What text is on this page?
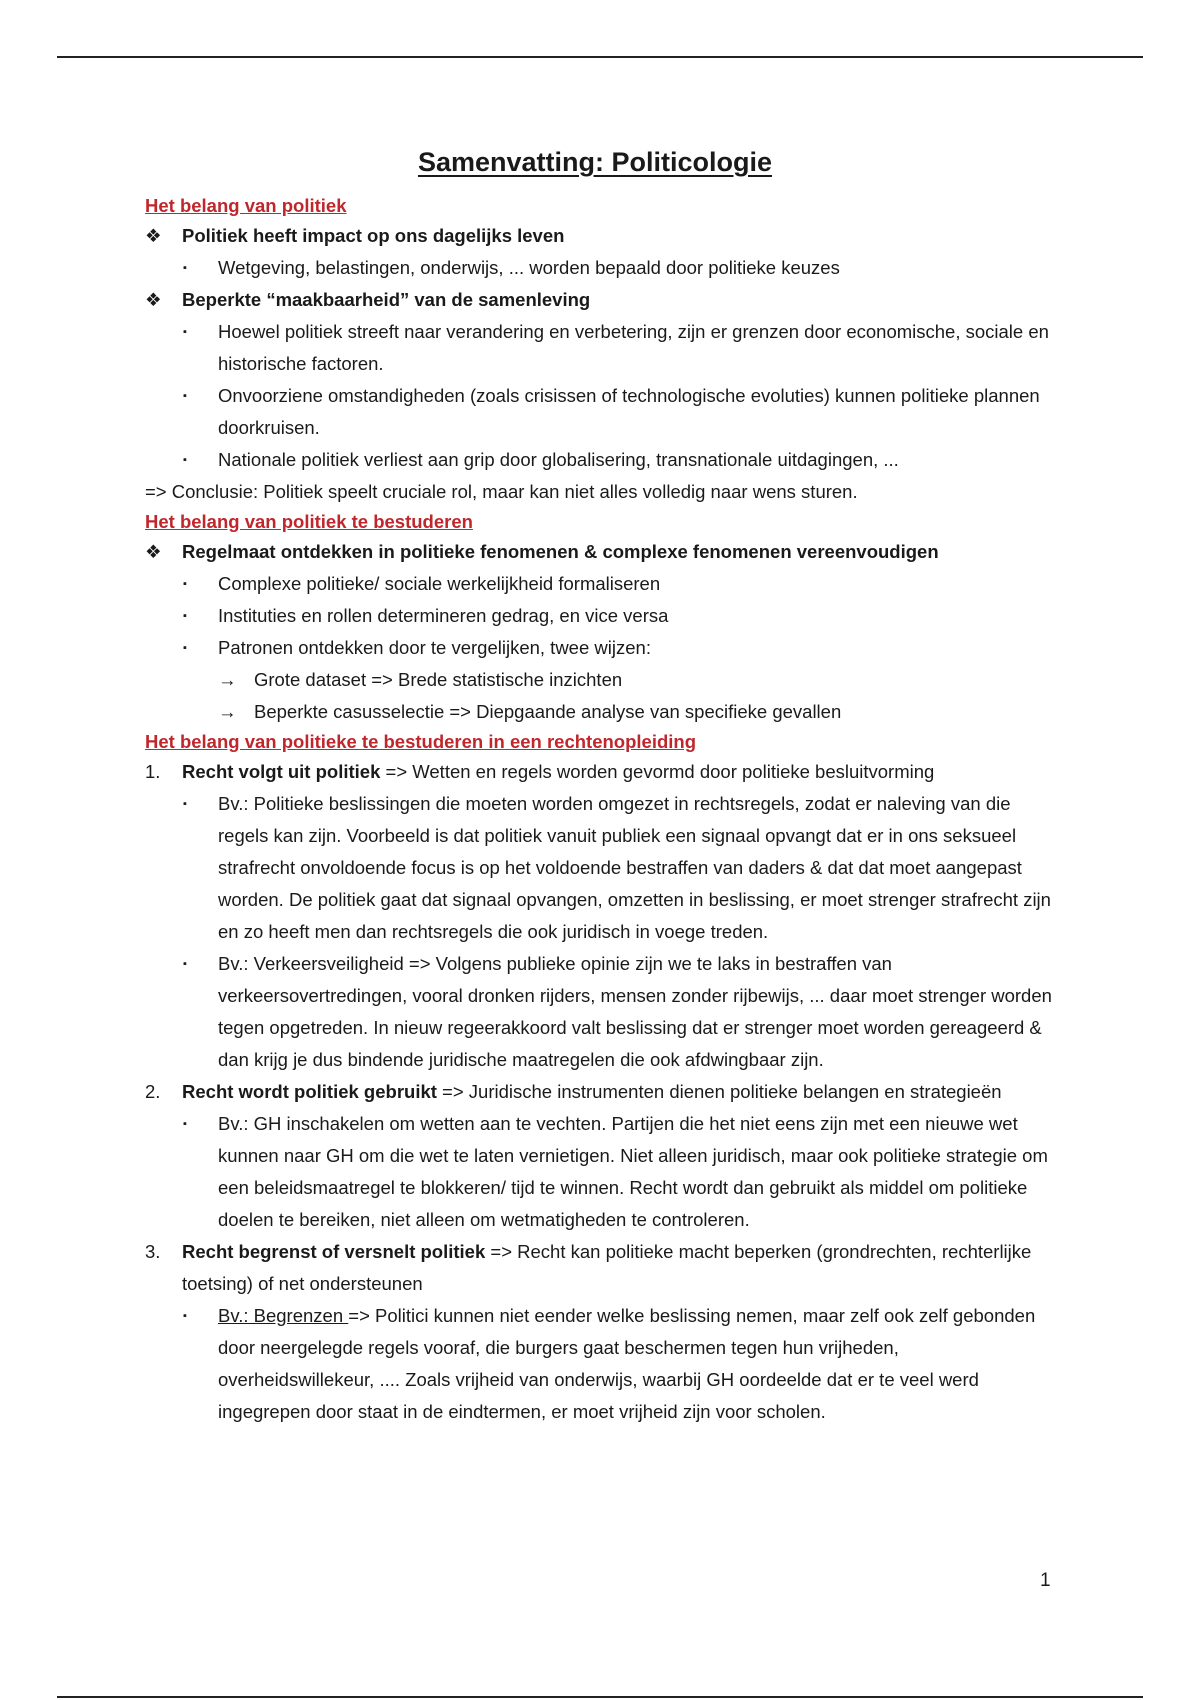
Samenvatting: Politicologie
Het belang van politiek
❖ Politiek heeft impact op ons dagelijks leven
▪ Wetgeving, belastingen, onderwijs, ... worden bepaald door politieke keuzes
❖ Beperkte “maakbaarheid” van de samenleving
▪ Hoewel politiek streeft naar verandering en verbetering, zijn er grenzen door economische, sociale en historische factoren.
▪ Onvoorziene omstandigheden (zoals crisissen of technologische evoluties) kunnen politieke plannen doorkruisen.
▪ Nationale politiek verliest aan grip door globalisering, transnationale uitdagingen, ...
=> Conclusie: Politiek speelt cruciale rol, maar kan niet alles volledig naar wens sturen.
Het belang van politiek te bestuderen
❖ Regelmaat ontdekken in politieke fenomenen & complexe fenomenen vereenvoudigen
▪ Complexe politieke/ sociale werkelijkheid formaliseren
▪ Instituties en rollen determineren gedrag, en vice versa
▪ Patronen ontdekken door te vergelijken, twee wijzen:
→ Grote dataset => Brede statistische inzichten
→ Beperkte casusselectie => Diepgaande analyse van specifieke gevallen
Het belang van politieke te bestuderen in een rechtenopleiding
1. Recht volgt uit politiek => Wetten en regels worden gevormd door politieke besluitvorming
▪ Bv.: Politieke beslissingen die moeten worden omgezet in rechtsregels, zodat er naleving van die regels kan zijn. Voorbeeld is dat politiek vanuit publiek een signaal opvangt dat er in ons seksueel strafrecht onvoldoende focus is op het voldoende bestraffen van daders & dat dat moet aangepast worden. De politiek gaat dat signaal opvangen, omzetten in beslissing, er moet strenger strafrecht zijn en zo heeft men dan rechtsregels die ook juridisch in voege treden.
▪ Bv.: Verkeersveiligheid => Volgens publieke opinie zijn we te laks in bestraffen van verkeersovertredingen, vooral dronken rijders, mensen zonder rijbewijs, ... daar moet strenger worden tegen opgetreden. In nieuw regeerakkoord valt beslissing dat er strenger moet worden gereageerd & dan krijg je dus bindende juridische maatregelen die ook afdwingbaar zijn.
2. Recht wordt politiek gebruikt => Juridische instrumenten dienen politieke belangen en strategieën
▪ Bv.: GH inschakelen om wetten aan te vechten. Partijen die het niet eens zijn met een nieuwe wet kunnen naar GH om die wet te laten vernietigen. Niet alleen juridisch, maar ook politieke strategie om een beleidsmaatregel te blokkeren/ tijd te winnen. Recht wordt dan gebruikt als middel om politieke doelen te bereiken, niet alleen om wetmatigheden te controleren.
3. Recht begrenst of versnelt politiek => Recht kan politieke macht beperken (grondrechten, rechterlijke toetsing) of net ondersteunen
▪ Bv.: Begrenzen => Politici kunnen niet eender welke beslissing nemen, maar zelf ook zelf gebonden door neergelegde regels vooraf, die burgers gaat beschermen tegen hun vrijheden, overheidswillekeur, .... Zoals vrijheid van onderwijs, waarbij GH oordeelde dat er te veel werd ingegrepen door staat in de eindtermen, er moet vrijheid zijn voor scholen.
1
